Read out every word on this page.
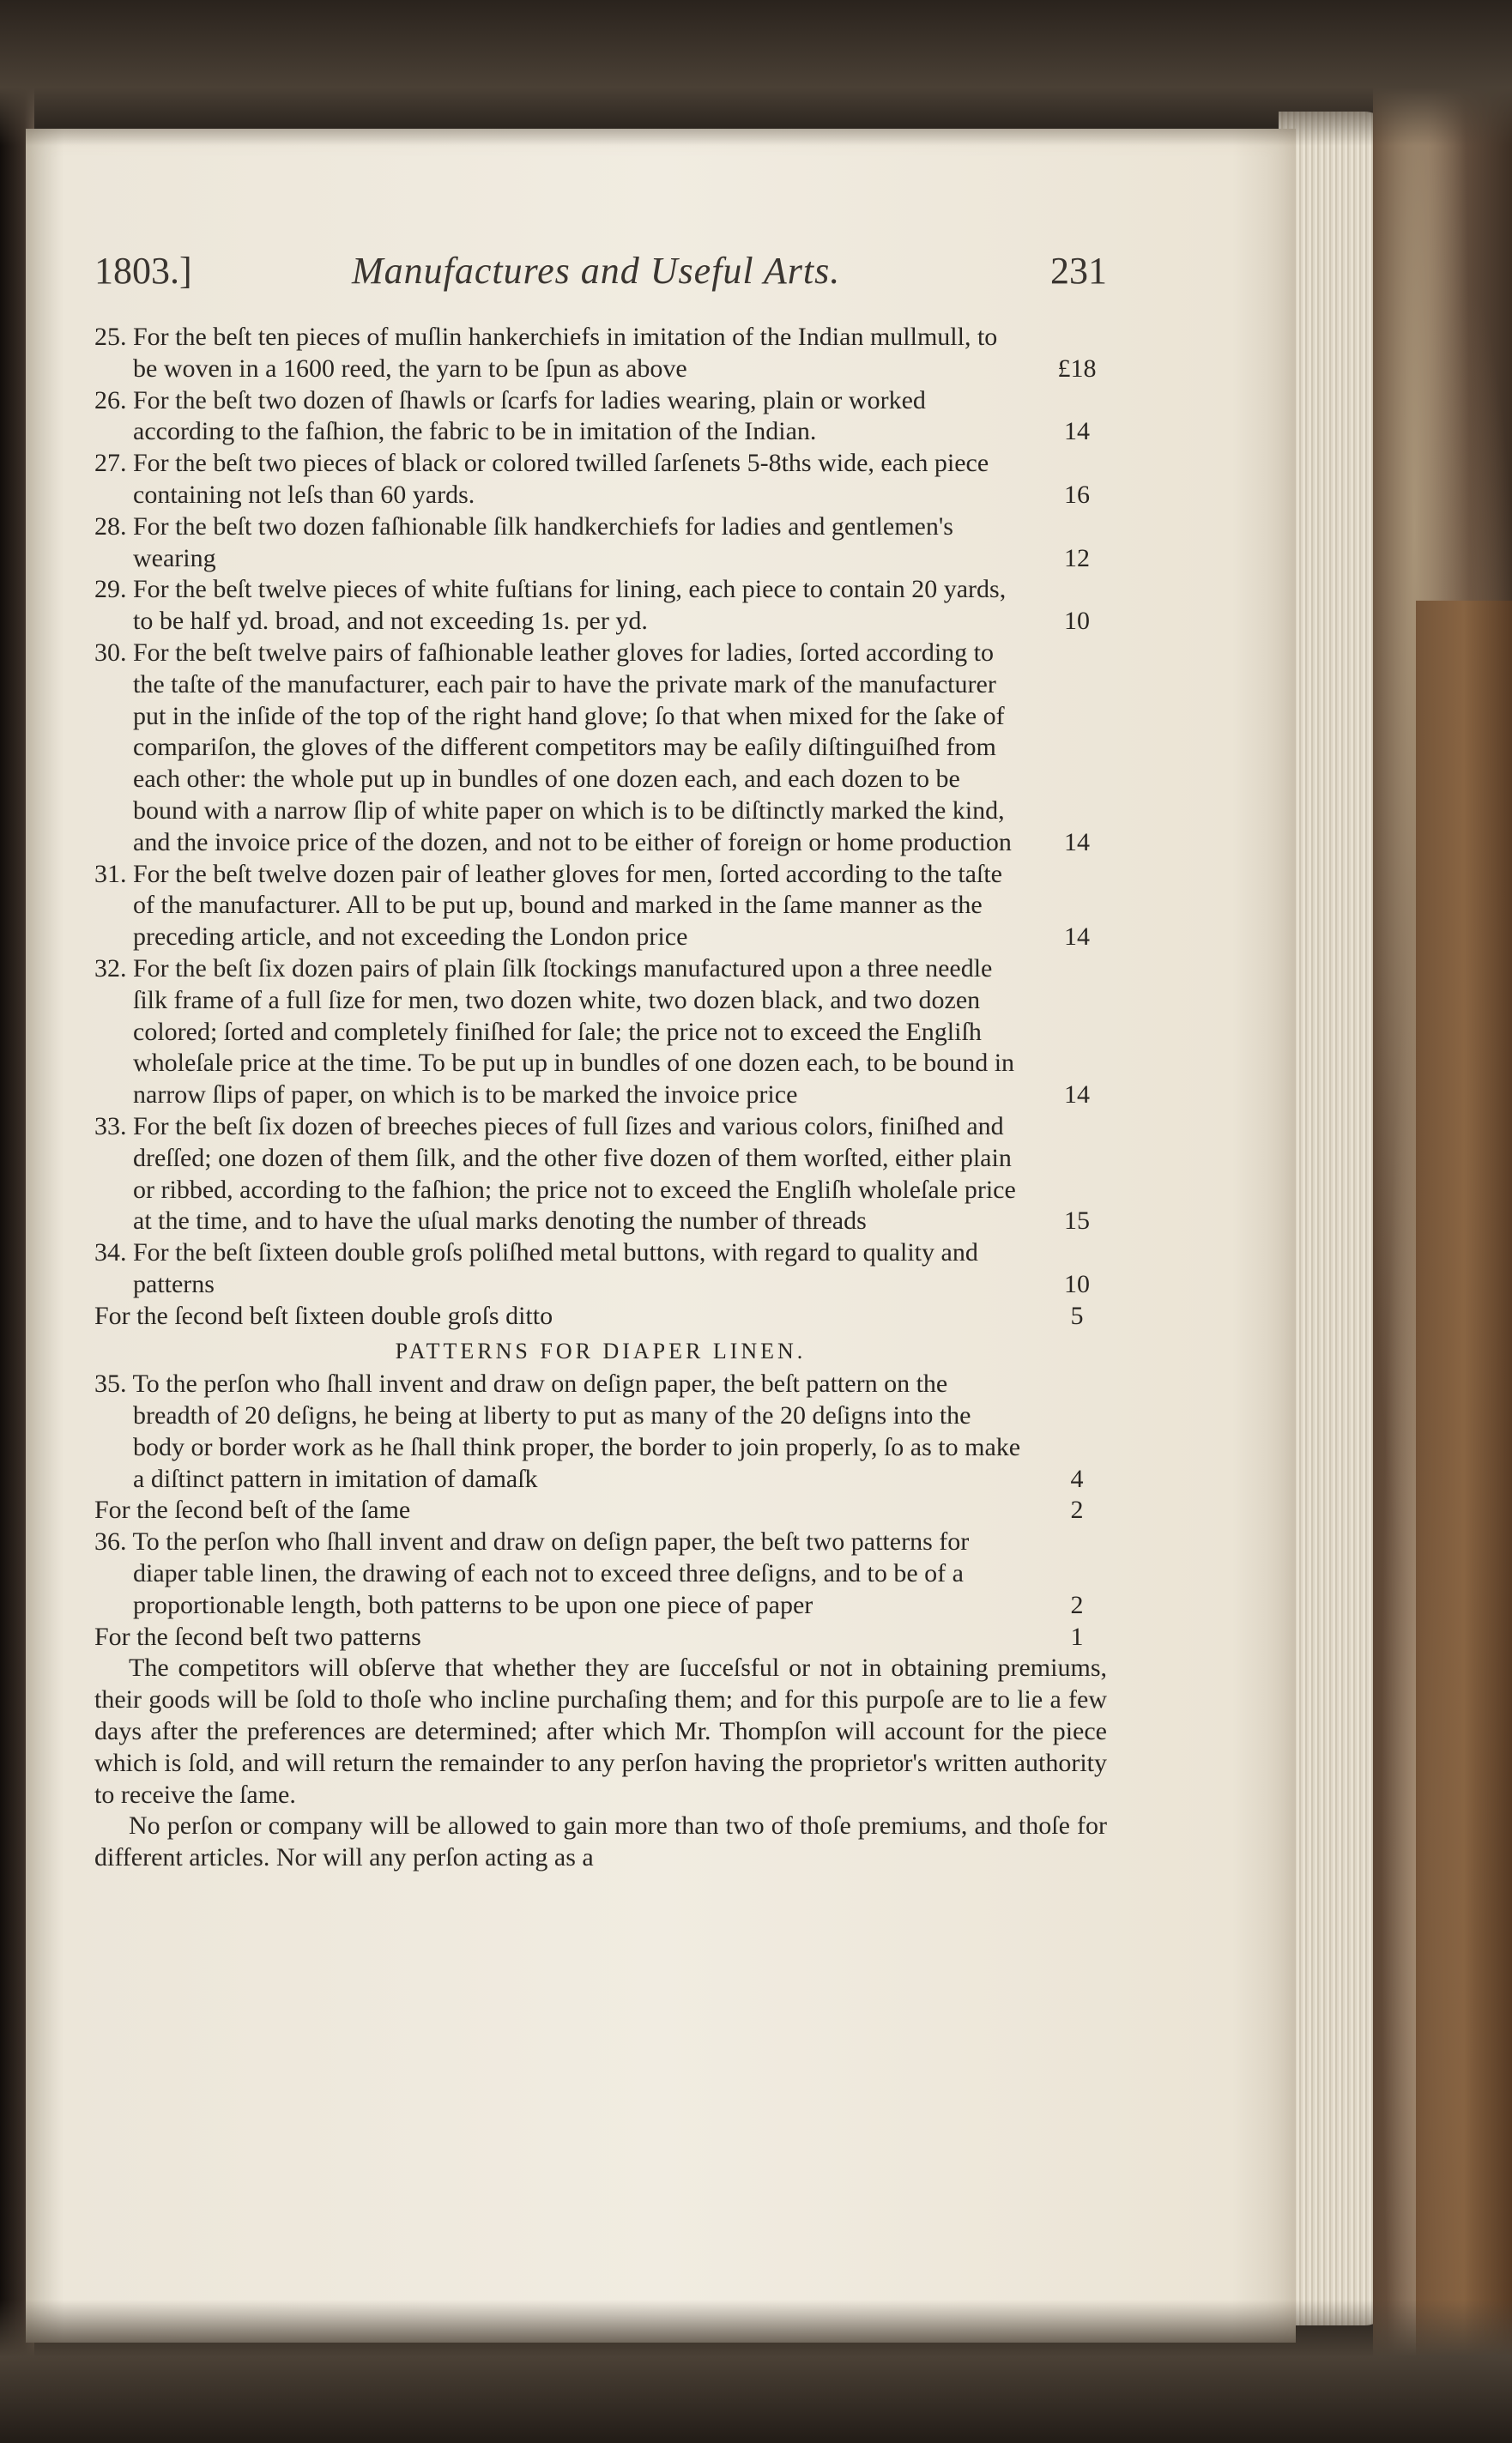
1803.]	Manufactures and Useful Arts.	231
25. For the beſt ten pieces of muſlin hankerchiefs in imitation of the Indian mullmull, to be woven in a 1600 reed, the yarn to be ſpun as above	£18
26. For the beſt two dozen of ſhawls or ſcarfs for ladies wearing, plain or worked according to the faſhion, the fabric to be in imitation of the Indian.	14
27. For the beſt two pieces of black or colored twilled ſarſenets 5-8ths wide, each piece containing not leſs than 60 yards.	16
28. For the beſt two dozen faſhionable ſilk handkerchiefs for ladies and gentlemen's wearing	12
29. For the beſt twelve pieces of white fuſtians for lining, each piece to contain 20 yards, to be half yd. broad, and not exceeding 1s. per yd.	10
30. For the beſt twelve pairs of faſhionable leather gloves for ladies, ſorted according to the taſte of the manufacturer, each pair to have the private mark of the manufacturer put in the inſide of the top of the right hand glove; ſo that when mixed for the ſake of compariſon, the gloves of the different competitors may be eaſily diſtinguiſhed from each other: the whole put up in bundles of one dozen each, and each dozen to be bound with a narrow ſlip of white paper on which is to be diſtinctly marked the kind, and the invoice price of the dozen, and not to be either of foreign or home production	14
31. For the beſt twelve dozen pair of leather gloves for men, ſorted according to the taſte of the manufacturer. All to be put up, bound and marked in the ſame manner as the preceding article, and not exceeding the London price	14
32. For the beſt ſix dozen pairs of plain ſilk ſtockings manufactured upon a three needle ſilk frame of a full ſize for men, two dozen white, two dozen black, and two dozen colored; ſorted and completely finiſhed for ſale; the price not to exceed the Engliſh wholeſale price at the time. To be put up in bundles of one dozen each, to be bound in narrow ſlips of paper, on which is to be marked the invoice price	14
33. For the beſt ſix dozen of breeches pieces of full ſizes and various colors, finiſhed and dreſſed; one dozen of them ſilk, and the other five dozen of them worſted, either plain or ribbed, according to the faſhion; the price not to exceed the Engliſh wholeſale price at the time, and to have the uſual marks denoting the number of threads	15
34. For the beſt ſixteen double groſs poliſhed metal buttons, with regard to quality and patterns	10
For the ſecond beſt ſixteen double groſs ditto	5
PATTERNS FOR DIAPER LINEN.
35. To the perſon who ſhall invent and draw on deſign paper, the beſt pattern on the breadth of 20 deſigns, he being at liberty to put as many of the 20 deſigns into the body or border work as he ſhall think proper, the border to join properly, ſo as to make a diſtinct pattern in imitation of damaſk	4
For the ſecond beſt of the ſame	2
36. To the perſon who ſhall invent and draw on deſign paper, the beſt two patterns for diaper table linen, the drawing of each not to exceed three deſigns, and to be of a proportionable length, both patterns to be upon one piece of paper	2
For the ſecond beſt two patterns	1
The competitors will obſerve that whether they are ſucceſsful or not in obtaining premiums, their goods will be ſold to thoſe who incline purchaſing them; and for this purpoſe are to lie a few days after the preferences are determined; after which Mr. Thompſon will account for the piece which is ſold, and will return the remainder to any perſon having the proprietor's written authority to receive the ſame.
No perſon or company will be allowed to gain more than two of thoſe premiums, and thoſe for different articles. Nor will any perſon acting as a
